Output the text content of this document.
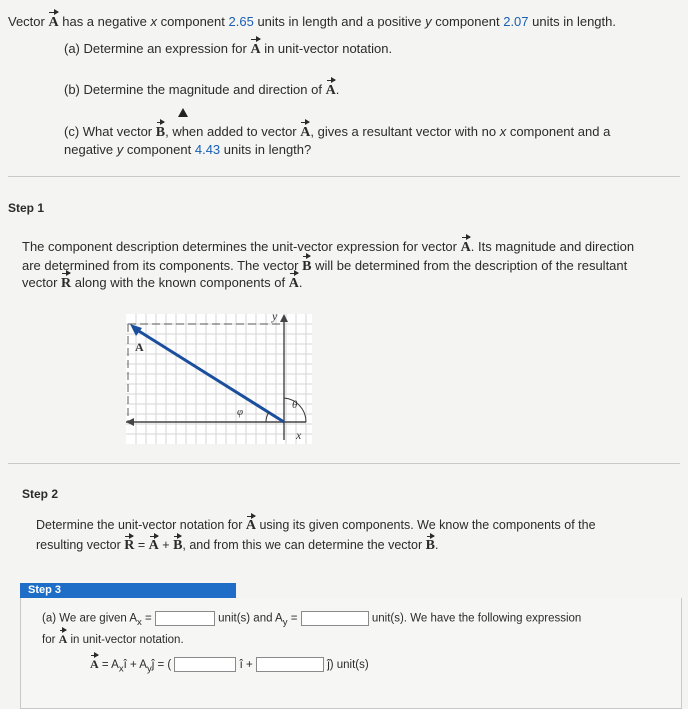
Vector A has a negative x component 2.65 units in length and a positive y component 2.07 units in length.
(a) Determine an expression for A in unit-vector notation.
(b) Determine the magnitude and direction of A.
(c) What vector B, when added to vector A, gives a resultant vector with no x component and a
negative y component 4.43 units in length?
Step 1
The component description determines the unit-vector expression for vector A. Its magnitude and direction
are determined from its components. The vector B will be determined from the description of the resultant
vector R along with the known components of A.
A
y
x
φ
θ
Step 2
Determine the unit-vector notation for A using its given components. We know the components of the
resulting vector R = A + B, and from this we can determine the vector B.
Step 3
(a) We are given $A_x$ =	unit(s) and $A_y$ =	unit(s). We have the following expression
for A in unit-vector notation.
$A = A_xî$ + $A_yĵ$ = (	î +	ĵ) unit(s)
